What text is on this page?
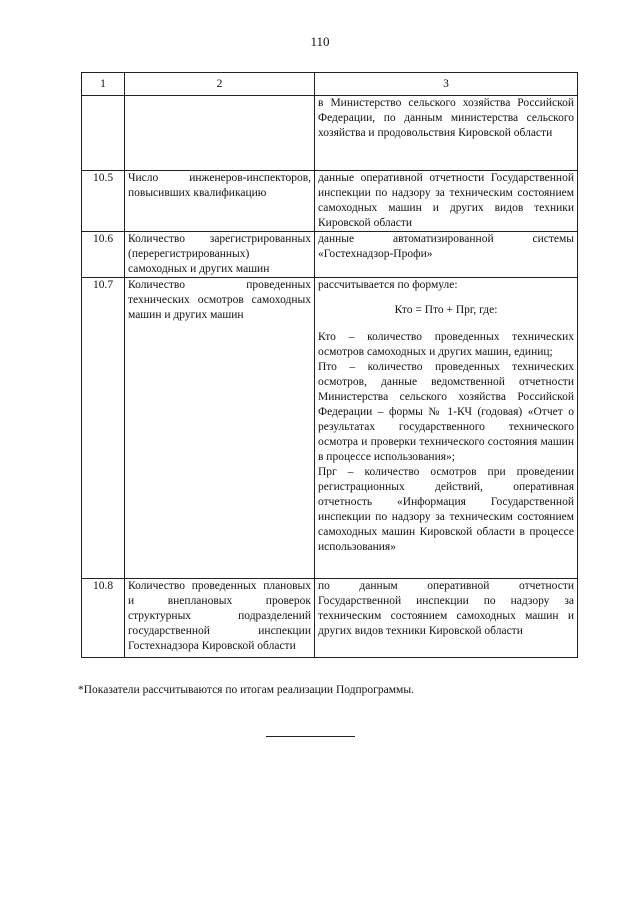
110
1	2	3
		в Министерство сельского хозяйства Российской Федерации, по данным министерства сельского хозяйства и продовольствия Кировской области
10.5	Число инженеров-инспекторов, повысивших квалификацию	данные оперативной отчетности Государственной инспекции по надзору за техническим состоянием самоходных машин и других видов техники Кировской области
10.6	Количество зарегистрированных (перерегистрированных) самоходных и других машин	данные автоматизированной системы «Гостехнадзор-Профи»
10.7	Количество проведенных технических осмотров самоходных машин и других машин	рассчитывается по формуле:
Кто = Пто + Прг, где:
Кто – количество проведенных технических осмотров самоходных и других машин, единиц;
Пто – количество проведенных технических осмотров, данные ведомственной отчетности Министерства сельского хозяйства Российской Федерации – формы № 1-КЧ (годовая) «Отчет о результатах государственного технического осмотра и проверки технического состояния машин в процессе использования»;
Прг – количество осмотров при проведении регистрационных действий, оперативная отчетность «Информация Государственной инспекции по надзору за техническим состоянием самоходных машин Кировской области в процессе использования»

10.8	Количество проведенных плановых и внеплановых проверок структурных подразделений государственной инспекции Гостехнадзора Кировской области	по данным оперативной отчетности Государственной инспекции по надзору за техническим состоянием самоходных машин и других видов техники Кировской области
*Показатели рассчитываются по итогам реализации Подпрограммы.
